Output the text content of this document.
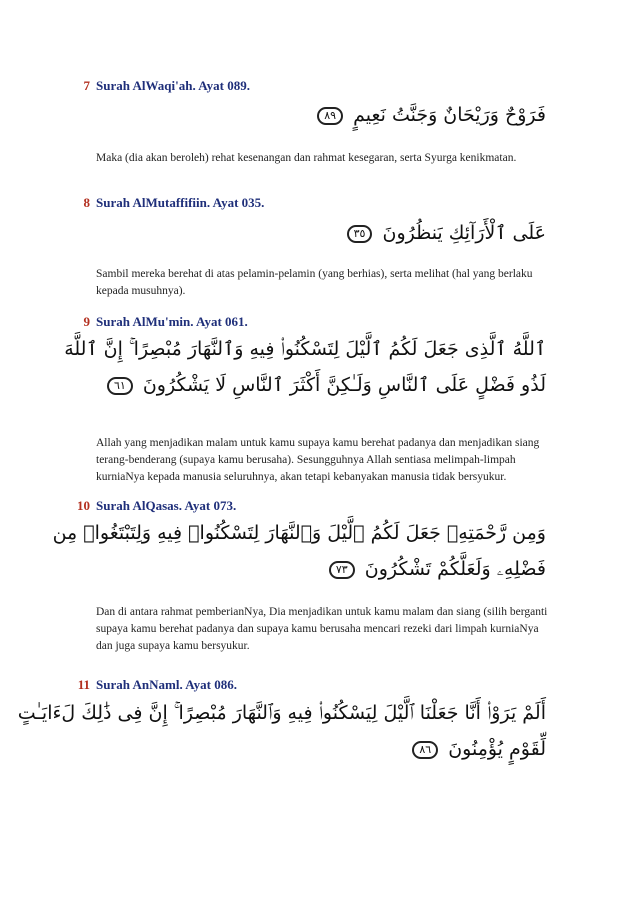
7 Surah AlWaqi'ah. Ayat 089.
فَرَوْحٌ وَرَيْحَانٌ وَجَنَّتُ نَعِيمٍ ٨٩
Maka (dia akan beroleh) rehat kesenangan dan rahmat kesegaran, serta Syurga kenikmatan.
8 Surah AlMutaffifiin. Ayat 035.
عَلَى ٱلْأَرَآئِكِ يَنظُرُونَ ٣٥
Sambil mereka berehat di atas pelamin-pelamin (yang berhias), serta melihat (hal yang berlaku kepada musuhnya).
9 Surah AlMu'min. Ayat 061.
ٱللَّهُ ٱلَّذِى جَعَلَ لَكُمُ ٱلَّيْلَ لِتَسْكُنُوا۟ فِيهِ وَٱلنَّهَارَ مُبْصِرًا ۚ إِنَّ ٱللَّهَ
لَذُو فَضْلٍ عَلَى ٱلنَّاسِ وَلَـٰكِنَّ أَكْثَرَ ٱلنَّاسِ لَا يَشْكُرُونَ ٦١
Allah yang menjadikan malam untuk kamu supaya kamu berehat padanya dan menjadikan siang terang-benderang (supaya kamu berusaha). Sesungguhnya Allah sentiasa melimpah-limpah kurniaNya kepada manusia seluruhnya, akan tetapi kebanyakan manusia tidak bersyukur.
10 Surah AlQasas. Ayat 073.
وَمِن رَّحْمَتِهِۦ جَعَلَ لَكُمُ ٱلَّيْلَ وَٱلنَّهَارَ لِتَسْكُنُوا۟ فِيهِ وَلِتَبْتَغُوا۟ مِن
فَضْلِهِۦ وَلَعَلَّكُمْ تَشْكُرُونَ ٧٣
Dan di antara rahmat pemberianNya, Dia menjadikan untuk kamu malam dan siang (silih berganti supaya kamu berehat padanya dan supaya kamu berusaha mencari rezeki dari limpah kurniaNya dan juga supaya kamu bersyukur.
11 Surah AnNaml. Ayat 086.
أَلَمْ يَرَوْا۟ أَنَّا جَعَلْنَا ٱلَّيْلَ لِيَسْكُنُوا۟ فِيهِ وَٱلنَّهَارَ مُبْصِرًا ۚ إِنَّ فِى ذَٰلِكَ لَءَايَـٰتٍ
لِّقَوْمٍ يُؤْمِنُونَ ٨٦
